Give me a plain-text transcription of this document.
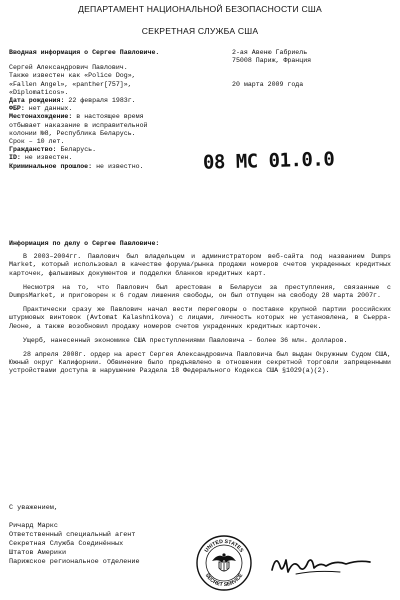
ДЕПАРТАМЕНТ НАЦИОНАЛЬНОЙ БЕЗОПАСНОСТИ США
СЕКРЕТНАЯ СЛУЖБА США
Вводная информация о Сергее Павловиче.
Сергей Александрович Павлович.
Также известен как «Police Dog»,
«Fallen Angel», «panther[757]»,
«Diplomaticos».
Дата рождения: 22 февраля 1983г.
ФБР: нет данных.
Местонахождение: в настоящее время
отбывает наказание в исправительной
колонии №8, Республика Беларусь.
Срок – 10 лет.
Гражданство: Беларусь.
ID: не известен.
Криминальное прошлое: не известно.
2-ая Авеню Габриель
75008 Париж, Франция
20 марта 2009 года
08 MC 01.0.0
Информация по делу о Сергее Павловиче:
В 2003–2004гг. Павлович был владельцем и администратором веб-сайта под названием Dumps Market, который использовал в качестве форума/рынка продажи номеров счетов украденных кредитных карточек, фальшивых документов и подделки бланков кредитных карт.
Несмотря на то, что Павлович был арестован в Беларуси за преступления, связанные с DumpsMarket, и приговорен к 6 годам лишения свободы, он был отпущен на свободу 28 марта 2007г.
Практически сразу же Павлович начал вести переговоры о поставке крупной партии российских штурмовых винтовок (Avtomat Kalashnikova) с лицами, личность которых не установлена, в Сьерра-Леоне, а также возобновил продажу номеров счетов украденных кредитных карточек.
Ущерб, нанесенный экономике США преступлениями Павловича – более 36 млн. долларов.
28 апреля 2008г. ордер на арест Сергея Александровича Павловича был выдан Окружным Судом США, Южный округ Калифорнии. Обвинение было предъявлено в отношении секретной торговли запрещенными устройствами доступа в нарушение Раздела 18 Федерального Кодекса США §1029(a)(2).
С уважением,
Ричард Маркс
Ответственный специальный агент
Секретная Служба Соединённых
Штатов Америки
Парижское региональное отделение
UNITED STATES
SECRET SERVICE
